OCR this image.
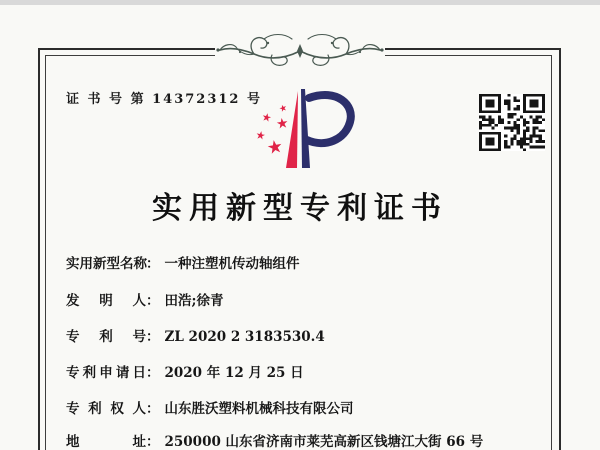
证 书 号 第 14372312 号
★
★ ★
★
★
实用新型专利证书
实用新型名称： 一种注塑机传动轴组件
发明人： 田浩;徐青
专利号： ZL 2020 2 3183530.4
专利申请日： 2020 年 12 月 25 日
专利权人： 山东胜沃塑料机械科技有限公司
地址： 250000 山东省济南市莱芜高新区钱塘江大街 66 号
